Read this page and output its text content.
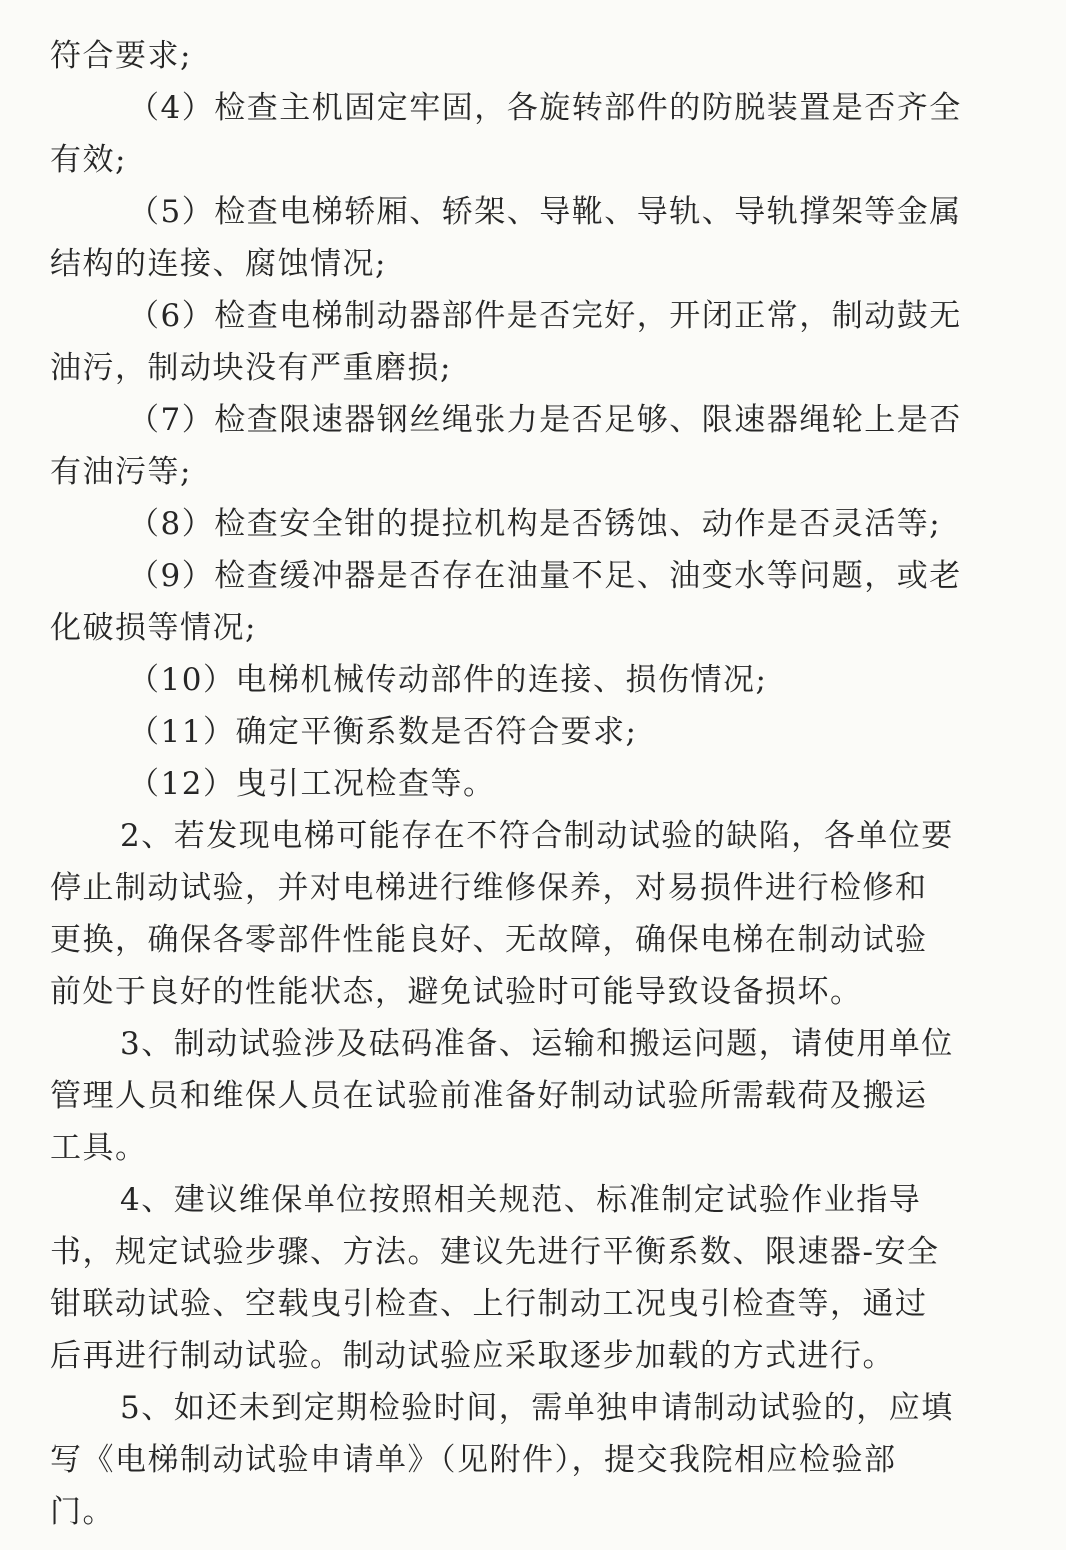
符合要求;
（4）检查主机固定牢固，各旋转部件的防脱装置是否齐全
有效;
（5）检查电梯轿厢、轿架、导靴、导轨、导轨撑架等金属
结构的连接、腐蚀情况;
（6）检查电梯制动器部件是否完好，开闭正常，制动鼓无
油污，制动块没有严重磨损;
（7）检查限速器钢丝绳张力是否足够、限速器绳轮上是否
有油污等;
（8）检查安全钳的提拉机构是否锈蚀、动作是否灵活等;
（9）检查缓冲器是否存在油量不足、油变水等问题，或老
化破损等情况;
（10）电梯机械传动部件的连接、损伤情况;
（11）确定平衡系数是否符合要求;
（12）曳引工况检查等。
2、若发现电梯可能存在不符合制动试验的缺陷，各单位要
停止制动试验，并对电梯进行维修保养，对易损件进行检修和
更换，确保各零部件性能良好、无故障，确保电梯在制动试验
前处于良好的性能状态，避免试验时可能导致设备损坏。
3、制动试验涉及砝码准备、运输和搬运问题，请使用单位
管理人员和维保人员在试验前准备好制动试验所需载荷及搬运
工具。
4、建议维保单位按照相关规范、标准制定试验作业指导
书，规定试验步骤、方法。建议先进行平衡系数、限速器-安全
钳联动试验、空载曳引检查、上行制动工况曳引检查等，通过
后再进行制动试验。制动试验应采取逐步加载的方式进行。
5、如还未到定期检验时间，需单独申请制动试验的，应填
写《电梯制动试验申请单》（见附件），提交我院相应检验部
门。
